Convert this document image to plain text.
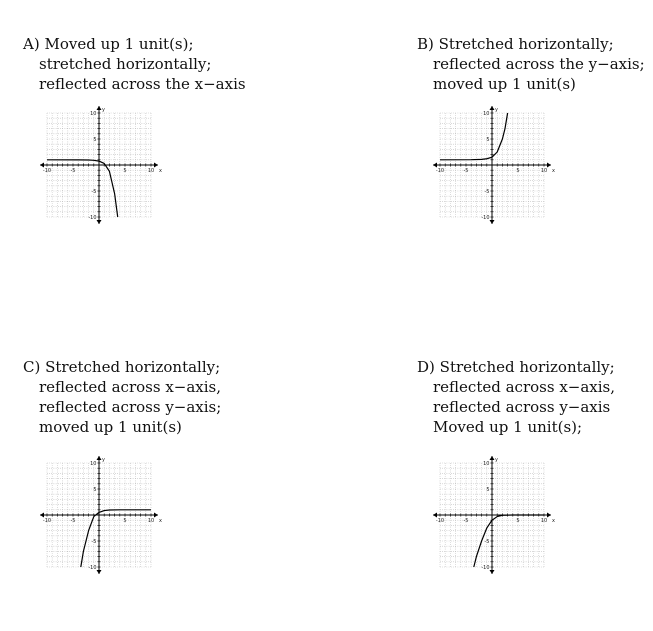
A) Moved up 1 unit(s);
stretched horizontally;
reflected across the x−axis
B) Stretched horizontally;
reflected across the y−axis;
moved up 1 unit(s)
C) Stretched horizontally;
reflected across x−axis,
reflected across y−axis;
moved up 1 unit(s)
D) Stretched horizontally;
reflected across x−axis,
reflected across y−axis
Moved up 1 unit(s);
-10	-5	5	10
10
5
-5
-10
x
y
-10	-5	5	10
10
5
-5
-10
x
y
-10	-5	5	10
10
5
-5
-10
x
y
-10	-5	5	10
10
5
-5
-10
x
y
